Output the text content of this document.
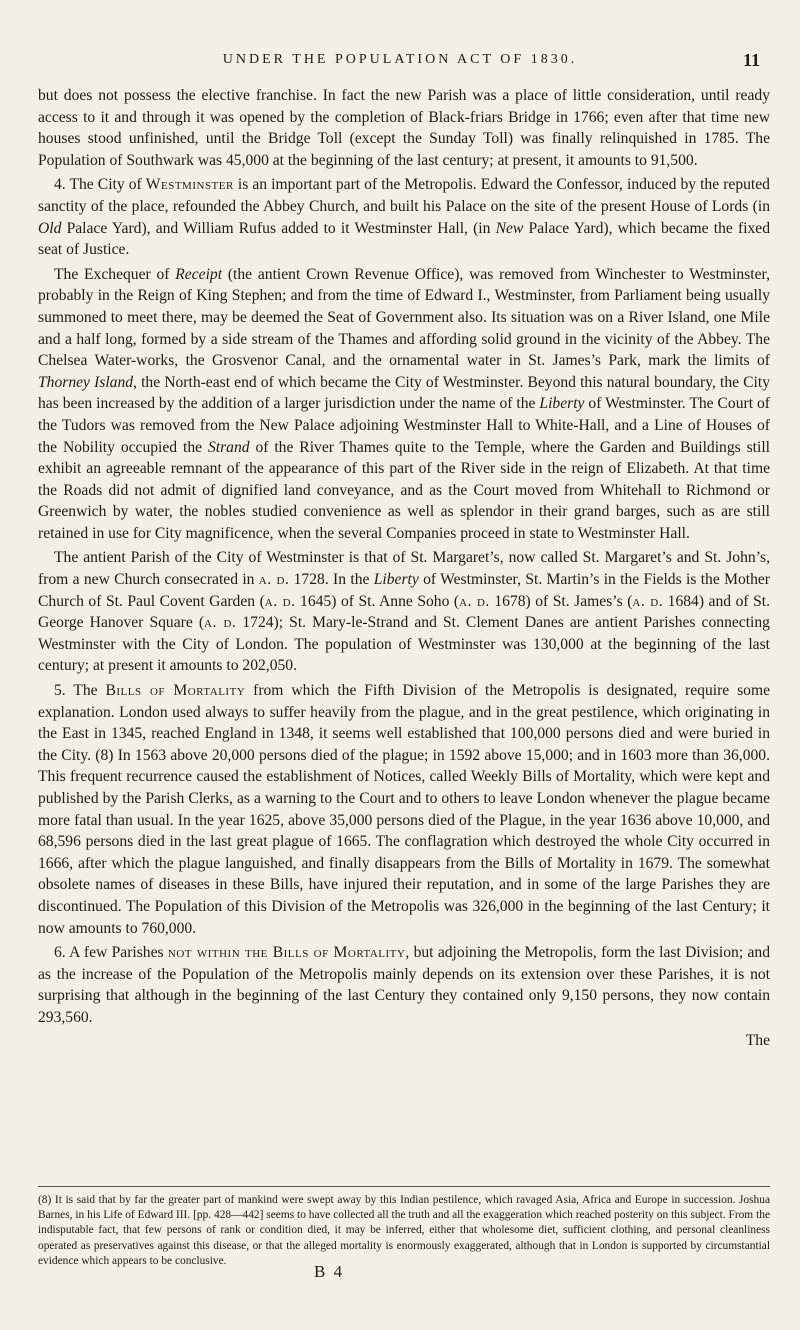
UNDER THE POPULATION ACT OF 1830.	11

but does not possess the elective franchise. In fact the new Parish was a place of little consideration, until ready access to it and through it was opened by the completion of Black-friars Bridge in 1766; even after that time new houses stood unfinished, until the Bridge Toll (except the Sunday Toll) was finally relinquished in 1785. The Population of Southwark was 45,000 at the beginning of the last century; at present, it amounts to 91,500.

4. The City of Westminster is an important part of the Metropolis. Edward the Confessor, induced by the reputed sanctity of the place, refounded the Abbey Church, and built his Palace on the site of the present House of Lords (in Old Palace Yard), and William Rufus added to it Westminster Hall, (in New Palace Yard), which became the fixed seat of Justice.

The Exchequer of Receipt (the antient Crown Revenue Office), was removed from Winchester to Westminster, probably in the Reign of King Stephen; and from the time of Edward I., Westminster, from Parliament being usually summoned to meet there, may be deemed the Seat of Government also. Its situation was on a River Island, one Mile and a half long, formed by a side stream of the Thames and affording solid ground in the vicinity of the Abbey. The Chelsea Water-works, the Grosvenor Canal, and the ornamental water in St. James’s Park, mark the limits of Thorney Island, the North-east end of which became the City of Westminster. Beyond this natural boundary, the City has been increased by the addition of a larger jurisdiction under the name of the Liberty of Westminster. The Court of the Tudors was removed from the New Palace adjoining Westminster Hall to White-Hall, and a Line of Houses of the Nobility occupied the Strand of the River Thames quite to the Temple, where the Garden and Buildings still exhibit an agreeable remnant of the appearance of this part of the River side in the reign of Elizabeth. At that time the Roads did not admit of dignified land conveyance, and as the Court moved from Whitehall to Richmond or Greenwich by water, the nobles studied convenience as well as splendor in their grand barges, such as are still retained in use for City magnificence, when the several Companies proceed in state to Westminster Hall.

The antient Parish of the City of Westminster is that of St. Margaret’s, now called St. Margaret’s and St. John’s, from a new Church consecrated in a. d. 1728. In the Liberty of Westminster, St. Martin’s in the Fields is the Mother Church of St. Paul Covent Garden (a. d. 1645) of St. Anne Soho (a. d. 1678) of St. James’s (a. d. 1684) and of St. George Hanover Square (a. d. 1724); St. Mary-le-Strand and St. Clement Danes are antient Parishes connecting Westminster with the City of London. The population of Westminster was 130,000 at the beginning of the last century; at present it amounts to 202,050.

5. The Bills of Mortality from which the Fifth Division of the Metropolis is designated, require some explanation. London used always to suffer heavily from the plague, and in the great pestilence, which originating in the East in 1345, reached England in 1348, it seems well established that 100,000 persons died and were buried in the City. (8) In 1563 above 20,000 persons died of the plague; in 1592 above 15,000; and in 1603 more than 36,000. This frequent recurrence caused the establishment of Notices, called Weekly Bills of Mortality, which were kept and published by the Parish Clerks, as a warning to the Court and to others to leave London whenever the plague became more fatal than usual. In the year 1625, above 35,000 persons died of the Plague, in the year 1636 above 10,000, and 68,596 persons died in the last great plague of 1665. The conflagration which destroyed the whole City occurred in 1666, after which the plague languished, and finally disappears from the Bills of Mortality in 1679. The somewhat obsolete names of diseases in these Bills, have injured their reputation, and in some of the large Parishes they are discontinued. The Population of this Division of the Metropolis was 326,000 in the beginning of the last Century; it now amounts to 760,000.

6. A few Parishes not within the Bills of Mortality, but adjoining the Metropolis, form the last Division; and as the increase of the Population of the Metropolis mainly depends on its extension over these Parishes, it is not surprising that although in the beginning of the last Century they contained only 9,150 persons, they now contain 293,560.

The
(8) It is said that by far the greater part of mankind were swept away by this Indian pestilence, which ravaged Asia, Africa and Europe in succession. Joshua Barnes, in his Life of Edward III. [pp. 428—442] seems to have collected all the truth and all the exaggeration which reached posterity on this subject. From the indisputable fact, that few persons of rank or condition died, it may be inferred, either that wholesome diet, sufficient clothing, and personal cleanliness operated as preservatives against this disease, or that the alleged mortality is enormously exaggerated, although that in London is supported by circumstantial evidence which appears to be conclusive.
B 4
